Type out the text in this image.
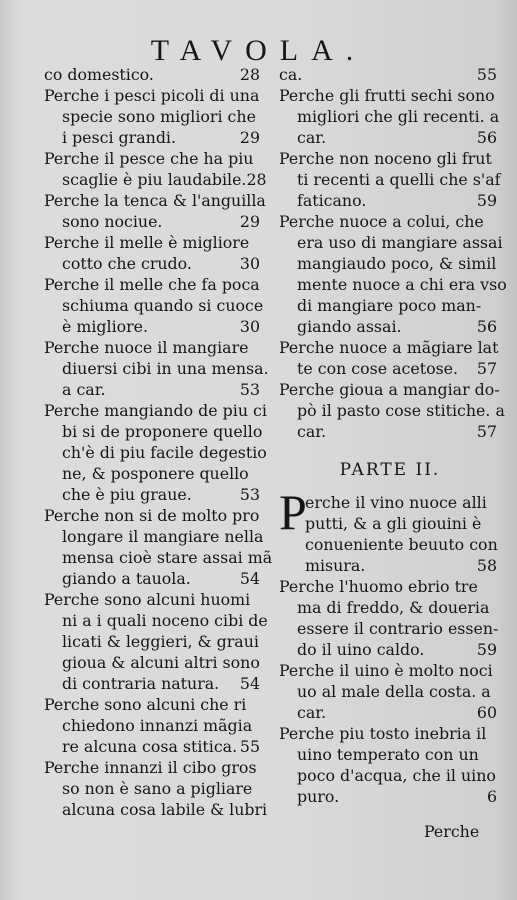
TAVOLA.
co domestico.	28
Perche i pesci picoli di una
specie sono migliori che
i pesci grandi.	29
Perche il pesce che ha piu
scaglie è piu laudabile. 28
Perche la tenca & l'anguilla
sono nociue.	29
Perche il melle è migliore
cotto che crudo.	30
Perche il melle che fa poca
schiuma quando si cuoce
è migliore.	30
Perche nuoce il mangiare
diuersi cibi in una mensa.
a car.	53
Perche mangiando de piu ci
bi si de proponere quello
ch'è di piu facile degestio
ne, & posponere quello
che è piu graue.	53
Perche non si de molto pro
longare il mangiare nella
mensa cioè stare assai mã
giando a tauola.	54
Perche sono alcuni huomi
ni a i quali noceno cibi de
licati & leggieri, & graui
gioua & alcuni altri sono
di contraria natura. 54
Perche sono alcuni che ri
chiedono innanzi mãgia
re alcuna cosa stitica. 55
Perche innanzi il cibo gros
so non è sano a pigliare
alcuna cosa labile & lubri
ca.	55
Perche gli frutti sechi sono
migliori che gli recenti. a
car.	56
Perche non noceno gli frut
ti recenti a quelli che s'af
faticano.	59
Perche nuoce a colui, che
era uso di mangiare assai
mangiaudo poco, & simil
mente nuoce a chi era vso
di mangiare poco man-
giando assai.	56
Perche nuoce a mãgiare lat
te con cose acetose. 57
Perche gioua a mangiar do-
pò il pasto cose stitiche. a
car.	57
PARTE II.
P
erche il vino nuoce alli
putti, & a gli giouini è
conueniente beuuto con
misura.	58
Perche l'huomo ebrio tre
ma di freddo, & doueria
essere il contrario essen-
do il uino caldo.	59
Perche il uino è molto noci
uo al male della costa. a
car.	60
Perche piu tosto inebria il
uino temperato con un
poco d'acqua, che il uino
puro.	6
Perche
